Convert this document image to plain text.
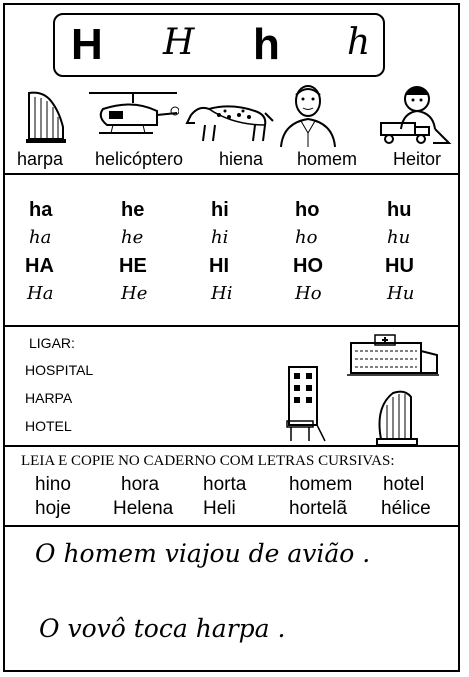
H H h h
harpa helicóptero hiena homem Heitor
ha	he	hi	ho	hu
ha	he	hi	ho	hu
HA	HE	HI	HO	HU
Ha	He	Hi	Ho	Hu
LIGAR:
HOSPITAL
HARPA
HOTEL
LEIA E COPIE NO CADERNO COM LETRAS CURSIVAS:
hino	hora horta homem hotel
hoje Helena Heli	hortelã hélice
O homem viajou de avião .
O vovô toca harpa .
